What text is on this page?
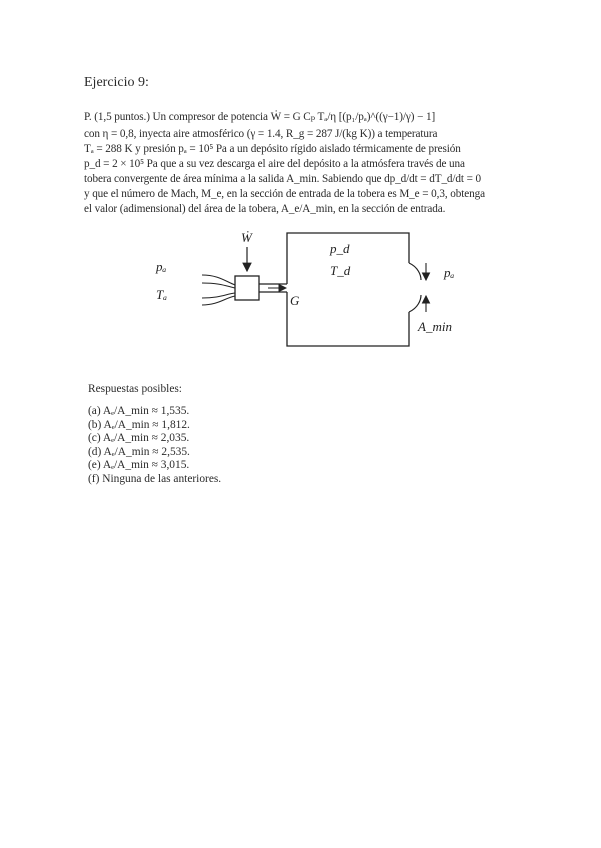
Ejercicio 9:
P. (1,5 puntos.) Un compresor de potencia Ẇ = G Cₚ Tₐ/η [(p₁/pₐ)^((γ−1)/γ) − 1]
con η = 0,8, inyecta aire atmosférico (γ = 1.4, R_g = 287 J/(kg K)) a temperatura
Tₐ = 288 K y presión pₐ = 10⁵ Pa a un depósito rígido aislado térmicamente de presión
p_d = 2 × 10⁵ Pa que a su vez descarga el aire del depósito a la atmósfera través de una
tobera convergente de área mínima a la salida A_min. Sabiendo que dp_d/dt = dT_d/dt = 0
y que el número de Mach, M_e, en la sección de entrada de la tobera es M_e = 0,3, obtenga
el valor (adimensional) del área de la tobera, A_e/A_min, en la sección de entrada.
Ẇ
pₐ
Tₐ	G
p_d
T_d	pₐ
A_min
Respuestas posibles:
(a) Aₑ/A_min ≈ 1,535.
(b) Aₑ/A_min ≈ 1,812.
(c) Aₑ/A_min ≈ 2,035.
(d) Aₑ/A_min ≈ 2,535.
(e) Aₑ/A_min ≈ 3,015.
(f) Ninguna de las anteriores.
